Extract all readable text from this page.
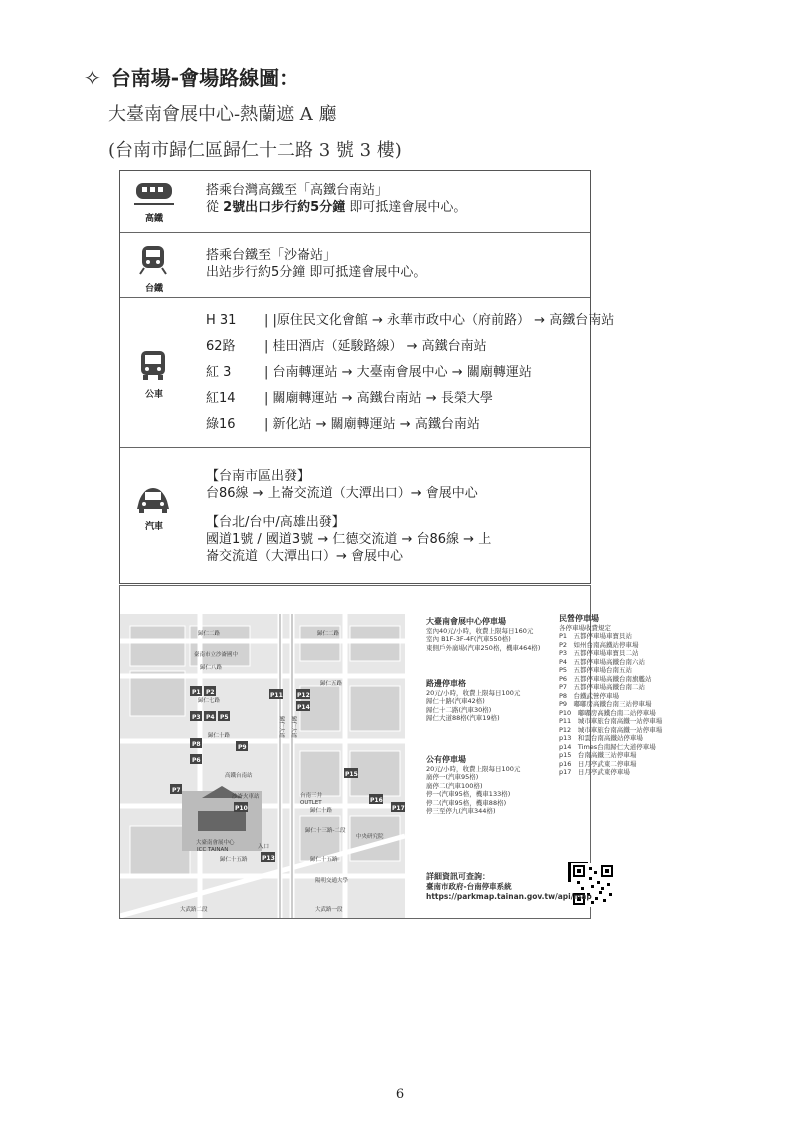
✧ 台南場-會場路線圖：
大臺南會展中心-熱蘭遮 A 廳
(台南市歸仁區歸仁十二路 3 號 3 樓)
高鐵
搭乘台灣高鐵至「高鐵台南站」
從 2號出口步行約5分鐘 即可抵達會展中心。
台鐵
搭乘台鐵至「沙崙站」
出站步行約5分鐘 即可抵達會展中心。
公車
H 31 | |原住民文化會館 → 永華市政中心（府前路） → 高鐵台南站
62路 | 桂田酒店（延駿路線） → 高鐵台南站
紅 3	| 台南轉運站 → 大臺南會展中心 → 關廟轉運站
紅14 | 關廟轉運站 → 高鐵台南站 → 長榮大學
綠16 | 新化站 → 關廟轉運站 → 高鐵台南站
汽車
【台南市區出發】
台86線 → 上崙交流道（大潭出口）→ 會展中心
【台北/台中/高雄出發】
國道1號 / 國道3號 → 仁德交流道 → 台86線 → 上
崙交流道（大潭出口）→ 會展中心
P1 P2
P3 P4 P5
P6
P7
P8	P9
P10
P11 P12
P14
P15
P16
P17
P13
歸仁二路	歸仁二路
歸仁八路
歸仁五路
歸仁七路
歸仁十五路	歸仁十五路
歸仁十路
歸仁十路
歸仁十三路-二段
大武路二段	大武路一段
台南三井
OUTLET
高鐵台南站
沙崙火車站
大臺南會展中心
ICC TAINAN	入口
陽明交通大學
中央研究院
臺南市立沙崙國中
歸仁大道	歸仁大道
大臺南會展中心停車場
室內40元/小時，收費上限每日160元
室內 B1F-3F-4F(汽車550格)
東側戶外廣場(汽車250格，機車464格)
路邊停車格
20元/小時，收費上限每日100元
歸仁十路(汽車42格)
歸仁十二路(汽車30格)
歸仁大道88格(汽車19格)
公有停車場
20元/小時，收費上限每日100元
廣停一(汽車95格)
廣停二(汽車100格)
停一(汽車95格，機車133格)
停二(汽車95格，機車88格)
停三至停九(汽車344格)
民營停車場
各停車場收費規定
P1　五都停車場車寶貝站
P2　如州台南高鐵站停車場
P3　五都停車場車寶貝二站
P4　五都停車場高鐵台南六站
P5　五都停車場台南五站
P6　五都停車場高鐵台南旗艦站
P7　五都停車場高鐵台南二站
P8　台鐵武營停車場
P9　嘟嘟房高鐵台南三站停車場
P10　嘟嘟房高鐵台南二站停車場
P11　城市車旅台南高鐵一站停車場
P12　城市車旅台南高鐵一站停車場
p13　和雲台南高鐵站停車場
p14　Times台南歸仁大道停車場
p15　台南高鐵三站停車場
p16　日月亭武東二停車場
p17　日月亭武東停車場
詳細資訊可查詢：
臺南市政府-台南停車系統
https://parkmap.tainan.gov.tw/api/map
6
